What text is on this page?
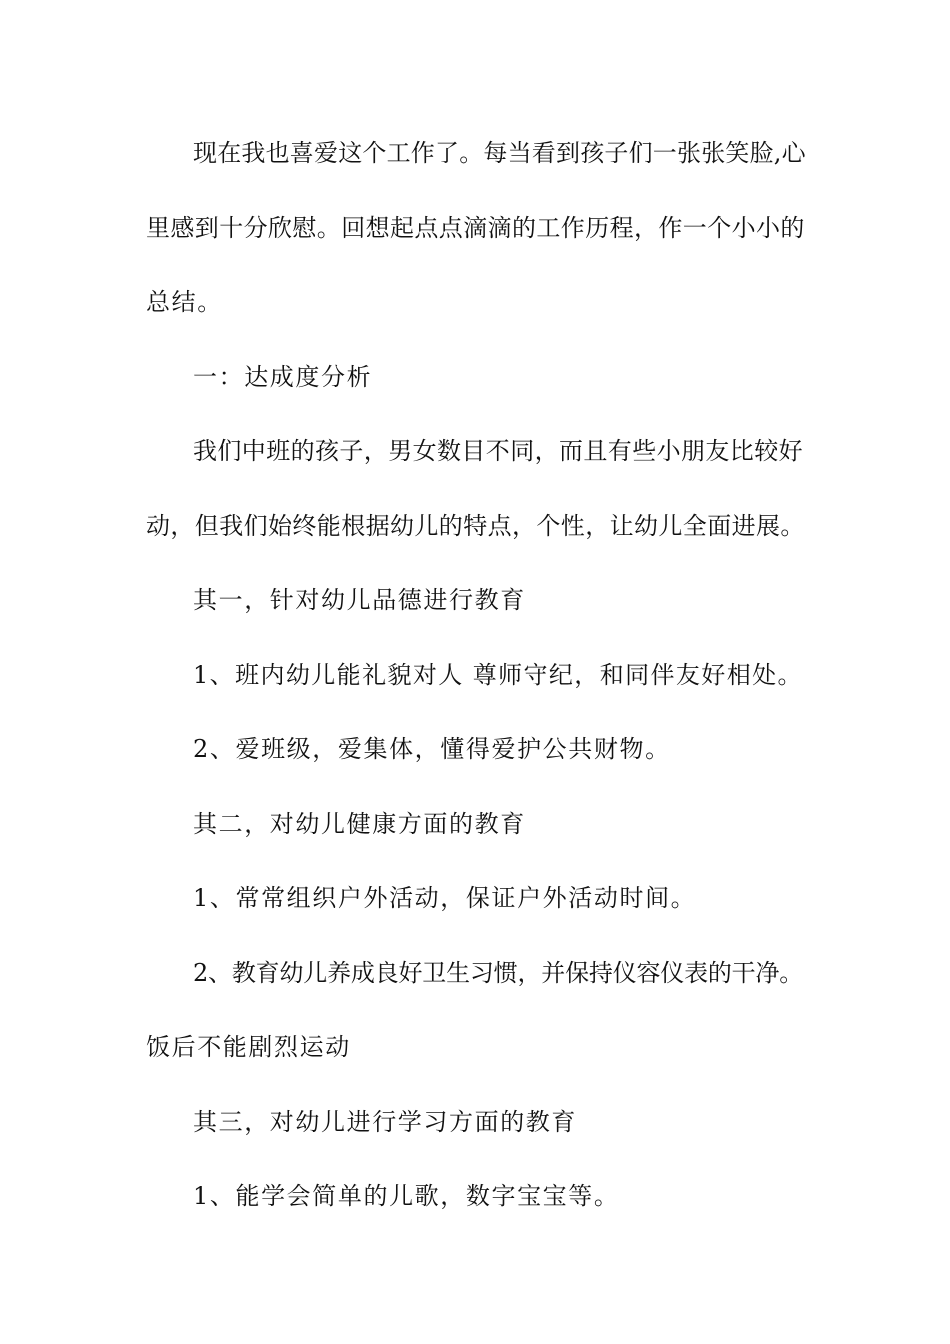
现在我也喜爱这个工作了。每当看到孩子们一张张笑脸,心
里感到十分欣慰。回想起点点滴滴的工作历程，作一个小小的
总结。
一：达成度分析
我们中班的孩子，男女数目不同，而且有些小朋友比较好
动，但我们始终能根据幼儿的特点，个性，让幼儿全面进展。
其一，针对幼儿品德进行教育
1、班内幼儿能礼貌对人 尊师守纪，和同伴友好相处。
2、爱班级，爱集体，懂得爱护公共财物。
其二，对幼儿健康方面的教育
1、常常组织户外活动，保证户外活动时间。
2、教育幼儿养成良好卫生习惯，并保持仪容仪表的干净。
饭后不能剧烈运动
其三，对幼儿进行学习方面的教育
1、能学会简单的儿歌，数字宝宝等。
